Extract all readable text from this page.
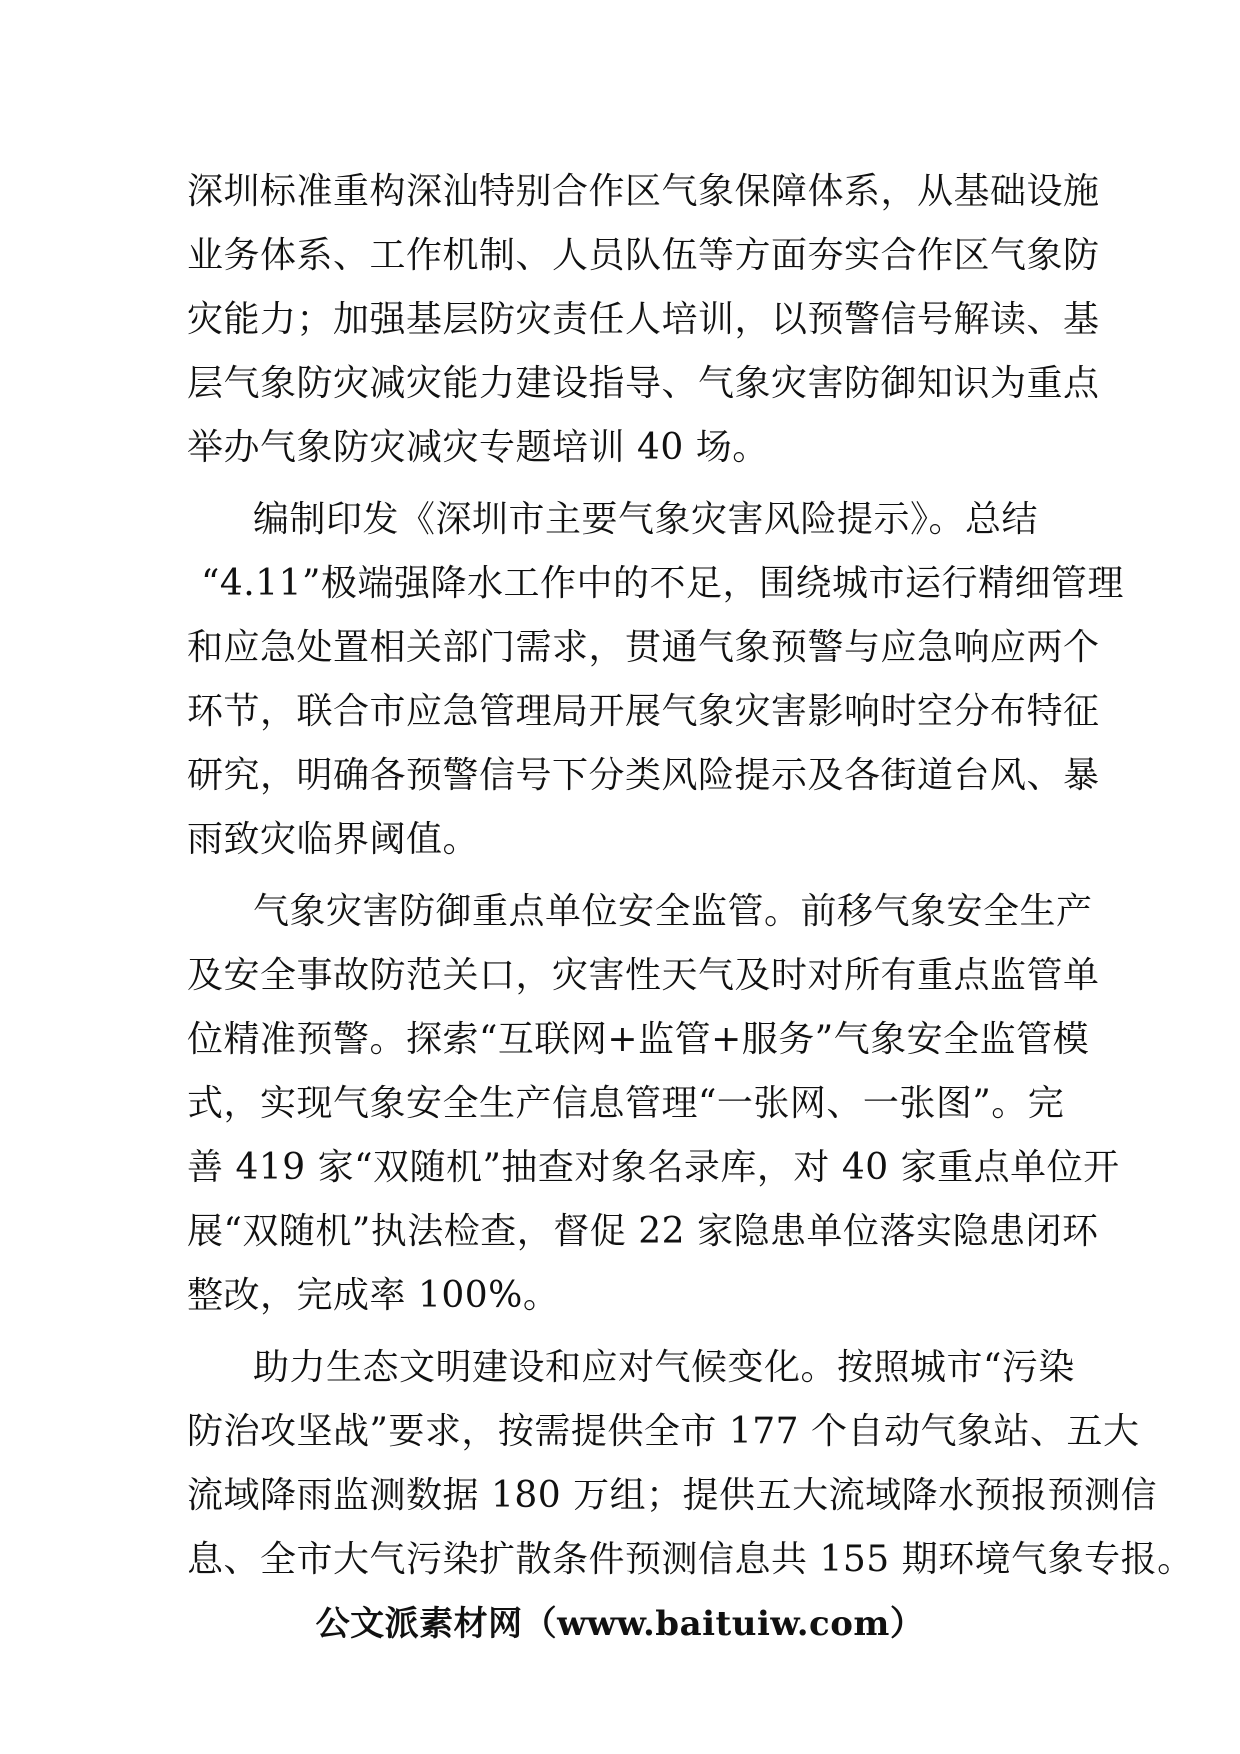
深圳标准重构深汕特别合作区气象保障体系，从基础设施
业务体系、工作机制、人员队伍等方面夯实合作区气象防
灾能力；加强基层防灾责任人培训，以预警信号解读、基
层气象防灾减灾能力建设指导、气象灾害防御知识为重点
举办气象防灾减灾专题培训 40 场。
编制印发《深圳市主要气象灾害风险提示》。总结
“4.11”极端强降水工作中的不足，围绕城市运行精细管理
和应急处置相关部门需求，贯通气象预警与应急响应两个
环节，联合市应急管理局开展气象灾害影响时空分布特征
研究，明确各预警信号下分类风险提示及各街道台风、暴
雨致灾临界阈值。
气象灾害防御重点单位安全监管。前移气象安全生产
及安全事故防范关口，灾害性天气及时对所有重点监管单
位精准预警。探索“互联网+监管+服务”气象安全监管模
式，实现气象安全生产信息管理“一张网、一张图”。完
善 419 家“双随机”抽查对象名录库，对 40 家重点单位开
展“双随机”执法检查，督促 22 家隐患单位落实隐患闭环
整改，完成率 100%。
助力生态文明建设和应对气候变化。按照城市“污染
防治攻坚战”要求，按需提供全市 177 个自动气象站、五大
流域降雨监测数据 180 万组；提供五大流域降水预报预测信
息、全市大气污染扩散条件预测信息共 155 期环境气象专报。
公文派素材网（www.baituiw.com）
